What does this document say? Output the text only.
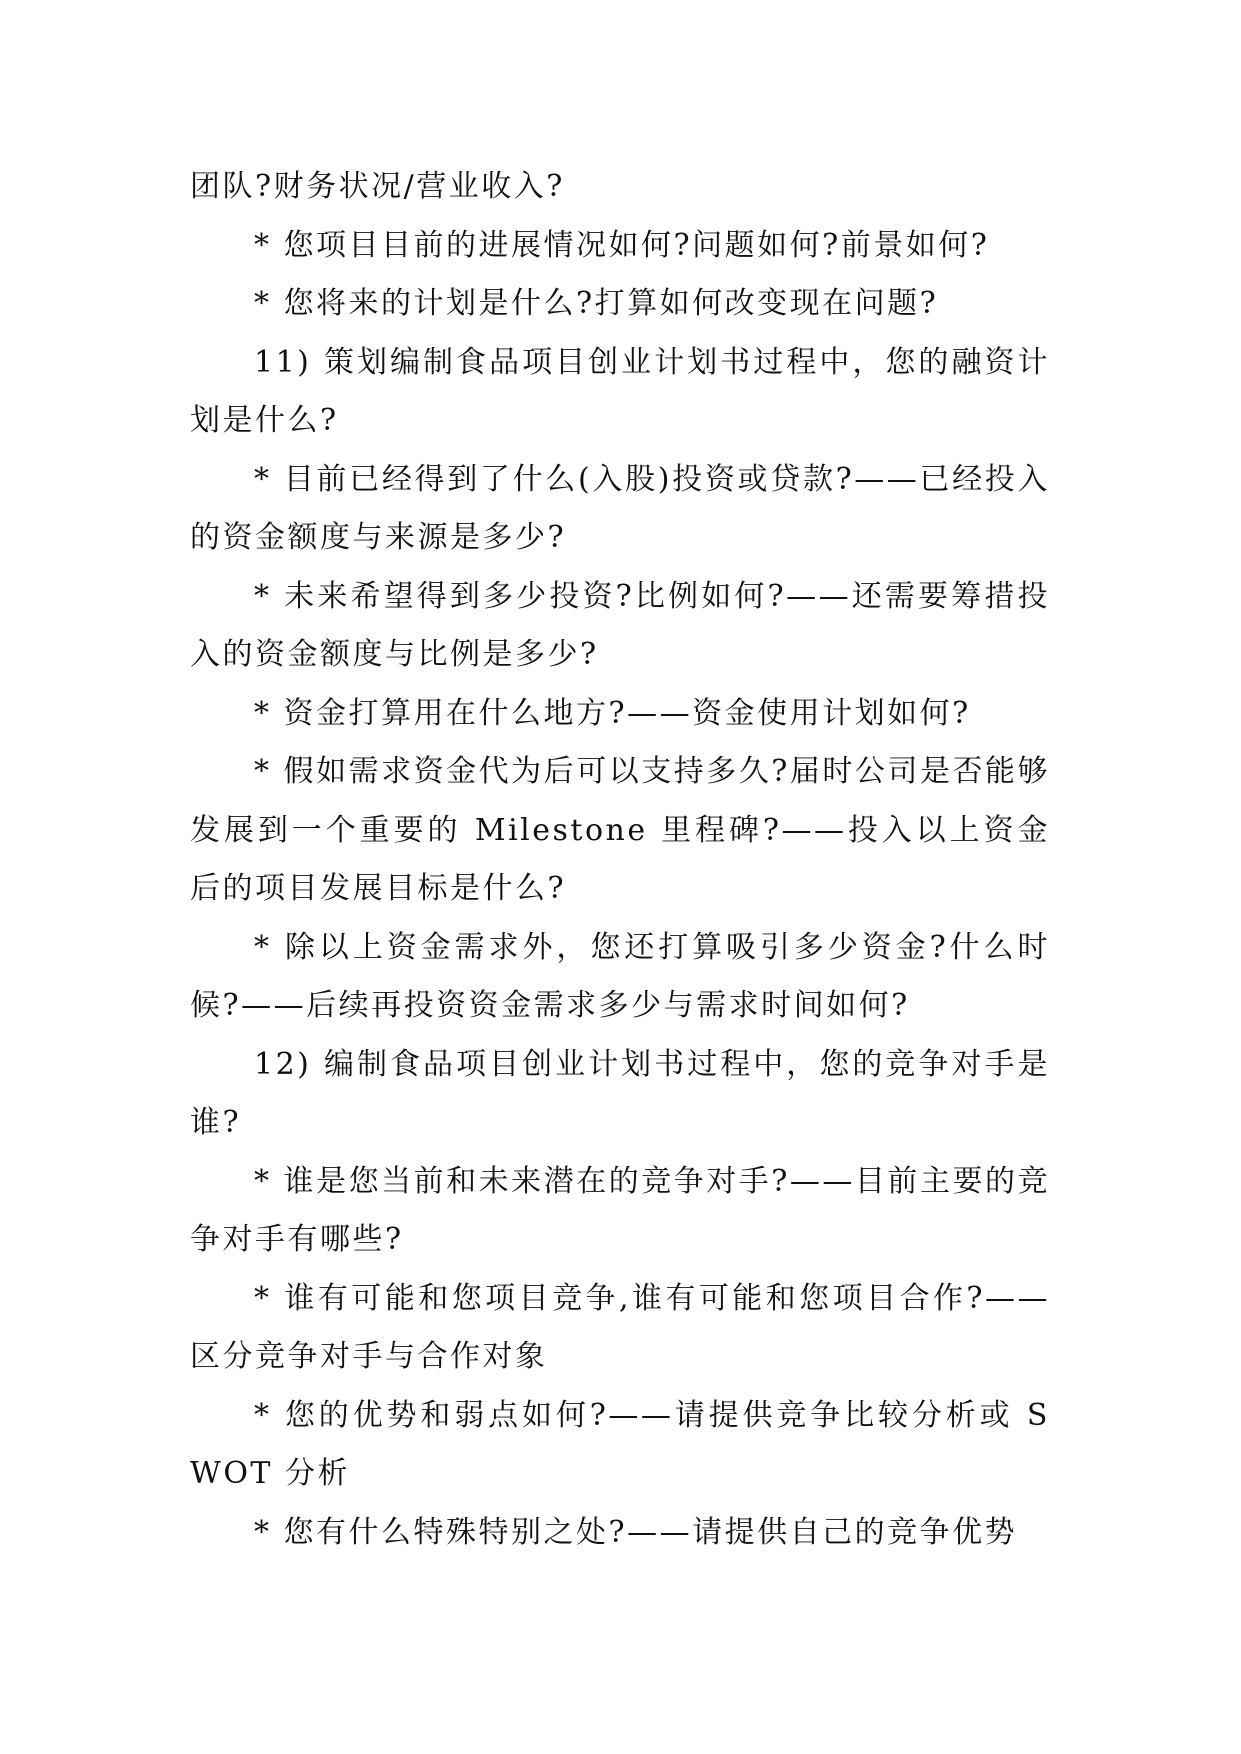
团队?财务状况/营业收入?

* 您项目目前的进展情况如何?问题如何?前景如何?

* 您将来的计划是什么?打算如何改变现在问题?

11) 策划编制食品项目创业计划书过程中，您的融资计划是什么?

* 目前已经得到了什么(入股)投资或贷款?——已经投入的资金额度与来源是多少?

* 未来希望得到多少投资?比例如何?——还需要筹措投入的资金额度与比例是多少?

* 资金打算用在什么地方?——资金使用计划如何?

* 假如需求资金代为后可以支持多久?届时公司是否能够发展到一个重要的 Milestone 里程碑?——投入以上资金后的项目发展目标是什么?

* 除以上资金需求外，您还打算吸引多少资金?什么时候?——后续再投资资金需求多少与需求时间如何?

12) 编制食品项目创业计划书过程中，您的竞争对手是谁?

* 谁是您当前和未来潜在的竞争对手?——目前主要的竞争对手有哪些?

* 谁有可能和您项目竞争,谁有可能和您项目合作?——区分竞争对手与合作对象

* 您的优势和弱点如何?——请提供竞争比较分析或 SWOT 分析

* 您有什么特殊特别之处?——请提供自己的竞争优势
